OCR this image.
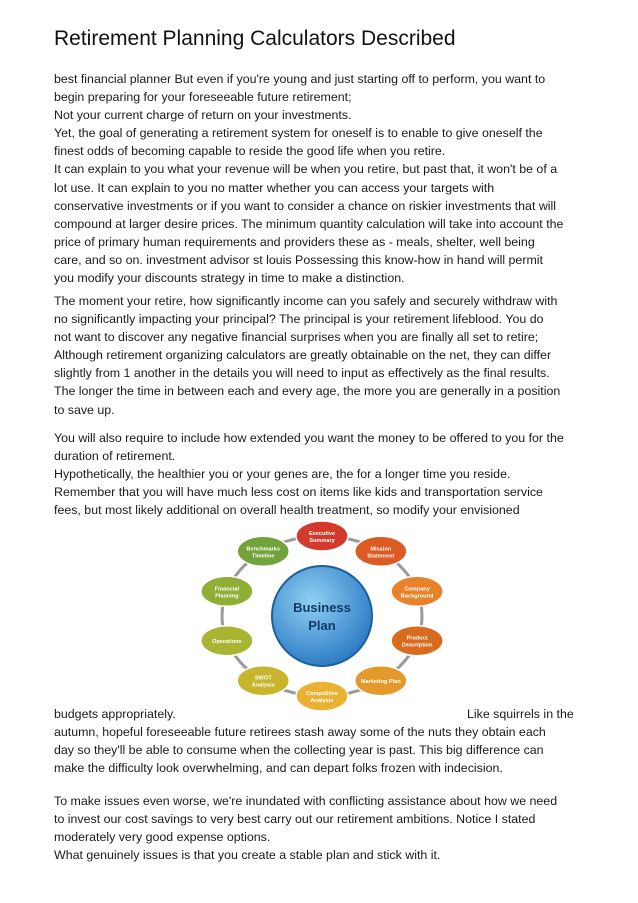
Retirement Planning Calculators Described

best financial planner But even if you're young and just starting off to perform, you want to

begin preparing for your foreseeable future retirement;

Not your current charge of return on your investments.

Yet, the goal of generating a retirement system for oneself is to enable to give oneself the

finest odds of becoming capable to reside the good life when you retire.

It can explain to you what your revenue will be when you retire, but past that, it won't be of a

lot use. It can explain to you no matter whether you can access your targets with

conservative investments or if you want to consider a chance on riskier investments that will

compound at larger desire prices. The minimum quantity calculation will take into account the

price of primary human requirements and providers these as - meals, shelter, well being

care, and so on. investment advisor st louis Possessing this know-how in hand will permit

you modify your discounts strategy in time to make a distinction.

The moment your retire, how significantly income can you safely and securely withdraw with

no significantly impacting your principal? The principal is your retirement lifeblood. You do

not want to discover any negative financial surprises when you are finally all set to retire;

Although retirement organizing calculators are greatly obtainable on the net, they can differ

slightly from 1 another in the details you will need to input as effectively as the final results.

The longer the time in between each and every age, the more you are generally in a position

to save up.

You will also require to include how extended you want the money to be offered to you for the

duration of retirement.

Hypothetically, the healthier you or your genes are, the for a longer time you reside.

Remember that you will have much less cost on items like kids and transportation service

fees, but most likely additional on overall health treatment, so modify your envisioned

Business
Plan
Executive
Summary
Mission
Statement
Company
Background
Product
Description
Marketing Plan
Competitive
Analysis
SWOT
Analysis
Operations
Financial
Planning
Benchmarks
Timeline
budgets appropriately.	Like squirrels in the

autumn, hopeful foreseeable future retirees stash away some of the nuts they obtain each

day so they'll be able to consume when the collecting year is past. This big difference can

make the difficulty look overwhelming, and can depart folks frozen with indecision.

To make issues even worse, we're inundated with conflicting assistance about how we need

to invest our cost savings to very best carry out our retirement ambitions. Notice I stated

moderately very good expense options.

What genuinely issues is that you create a stable plan and stick with it.
